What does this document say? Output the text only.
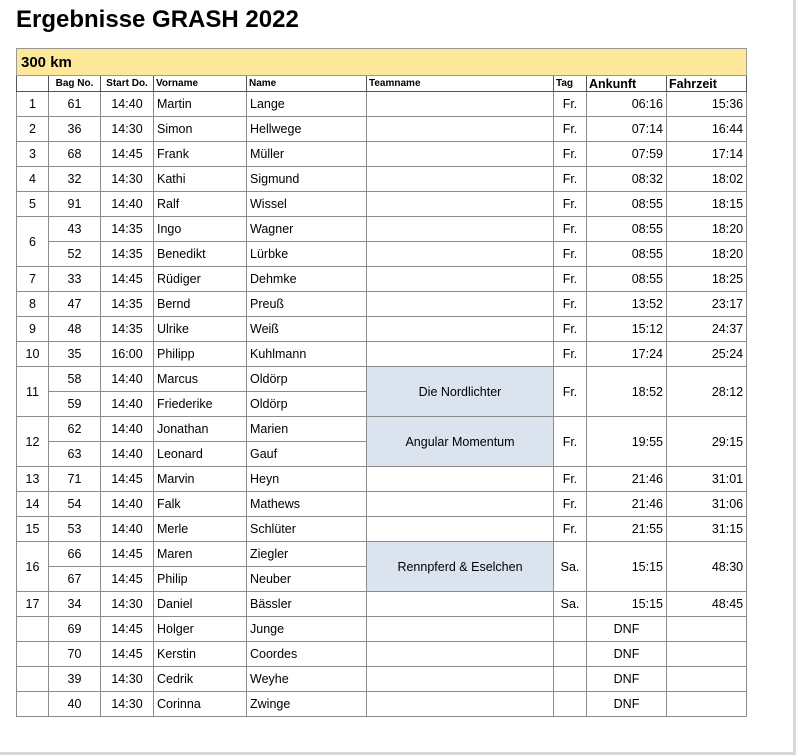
Ergebnisse GRASH 2022
300 km								
	Bag No.	Start Do.	Vorname	Name	Teamname	Tag	Ankunft	Fahrzeit
1	61	14:40	Martin	Lange		Fr.	06:16	15:36
2	36	14:30	Simon	Hellwege		Fr.	07:14	16:44
3	68	14:45	Frank	Müller		Fr.	07:59	17:14
4	32	14:30	Kathi	Sigmund		Fr.	08:32	18:02
5	91	14:40	Ralf	Wissel		Fr.	08:55	18:15
6	43	14:35	Ingo	Wagner		Fr.	08:55	18:20
	52	14:35	Benedikt	Lürbke		Fr.	08:55	18:20
7	33	14:45	Rüdiger	Dehmke		Fr.	08:55	18:25
8	47	14:35	Bernd	Preuß		Fr.	13:52	23:17
9	48	14:35	Ulrike	Weiß		Fr.	15:12	24:37
10	35	16:00	Philipp	Kuhlmann		Fr.	17:24	25:24
11	58	14:40	Marcus	Oldörp	Die Nordlichter	Fr.	18:52	28:12
	59	14:40	Friederike	Oldörp				
12	62	14:40	Jonathan	Marien	Angular Momentum	Fr.	19:55	29:15
	63	14:40	Leonard	Gauf				
13	71	14:45	Marvin	Heyn		Fr.	21:46	31:01
14	54	14:40	Falk	Mathews		Fr.	21:46	31:06
15	53	14:40	Merle	Schlüter		Fr.	21:55	31:15
16	66	14:45	Maren	Ziegler	Rennpferd & Eselchen	Sa.	15:15	48:30
	67	14:45	Philip	Neuber				
17	34	14:30	Daniel	Bässler		Sa.	15:15	48:45
	69	14:45	Holger	Junge			DNF	
	70	14:45	Kerstin	Coordes			DNF	
	39	14:30	Cedrik	Weyhe			DNF	
	40	14:30	Corinna	Zwinge			DNF	
